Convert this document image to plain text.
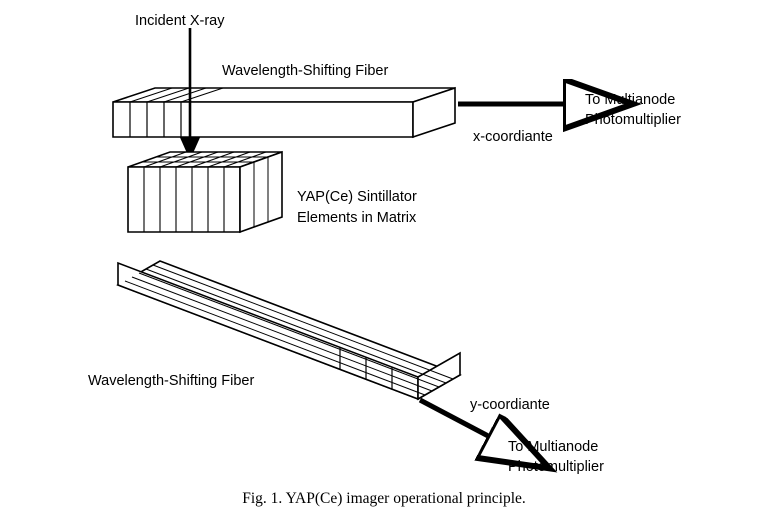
Incident X-ray
Wavelength-Shifting Fiber
x-coordiante
To Multianode
Photomultiplier
YAP(Ce) Sintillator
Elements in Matrix
Wavelength-Shifting Fiber
y-coordiante
To Multianode
Photomultiplier
Fig. 1. YAP(Ce) imager operational principle.
